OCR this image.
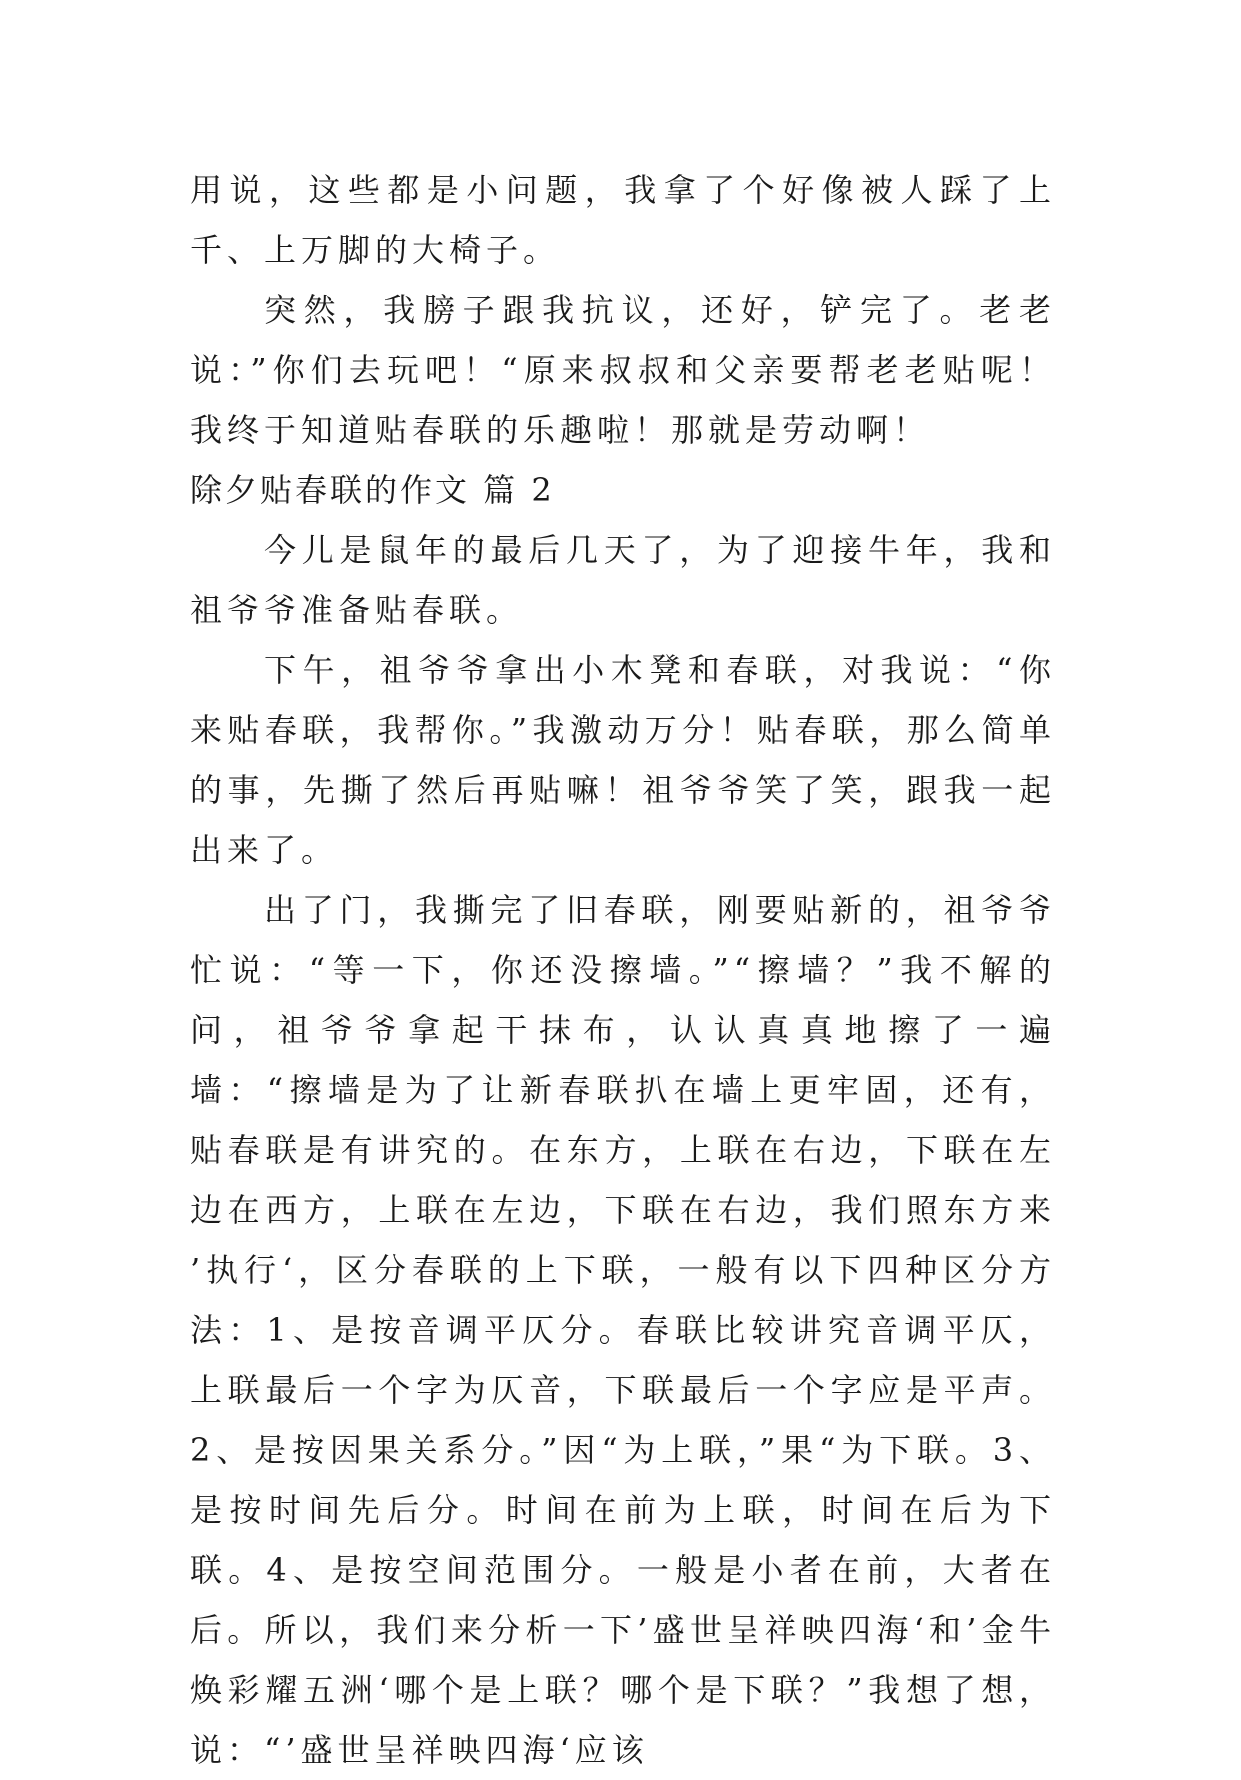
用说，这些都是小问题，我拿了个好像被人踩了上千、上万脚的大椅子。

突然，我膀子跟我抗议，还好，铲完了。老老说：”你们去玩吧！“原来叔叔和父亲要帮老老贴呢！我终于知道贴春联的乐趣啦！那就是劳动啊！

除夕贴春联的作文 篇 2

今儿是鼠年的最后几天了，为了迎接牛年，我和祖爷爷准备贴春联。

下午，祖爷爷拿出小木凳和春联，对我说：“你来贴春联，我帮你。”我激动万分！贴春联，那么简单的事，先撕了然后再贴嘛！祖爷爷笑了笑，跟我一起出来了。

出了门，我撕完了旧春联，刚要贴新的，祖爷爷忙说：“等一下，你还没擦墙。”“擦墙？”我不解的问，祖爷爷拿起干抹布，认认真真地擦了一遍墙：“擦墙是为了让新春联扒在墙上更牢固，还有，贴春联是有讲究的。在东方，上联在右边，下联在左边在西方，上联在左边，下联在右边，我们照东方来 ’执行‘，区分春联的上下联，一般有以下四种区分方法：1、是按音调平仄分。春联比较讲究音调平仄，上联最后一个字为仄音，下联最后一个字应是平声。2、是按因果关系分。”因“为上联，”果“为下联。3、是按时间先后分。时间在前为上联，时间在后为下联。4、是按空间范围分。一般是小者在前，大者在后。所以，我们来分析一下’盛世呈祥映四海‘和’金牛焕彩耀五洲‘哪个是上联？哪个是下联？”我想了想，说：“’盛世呈祥映四海‘应该
